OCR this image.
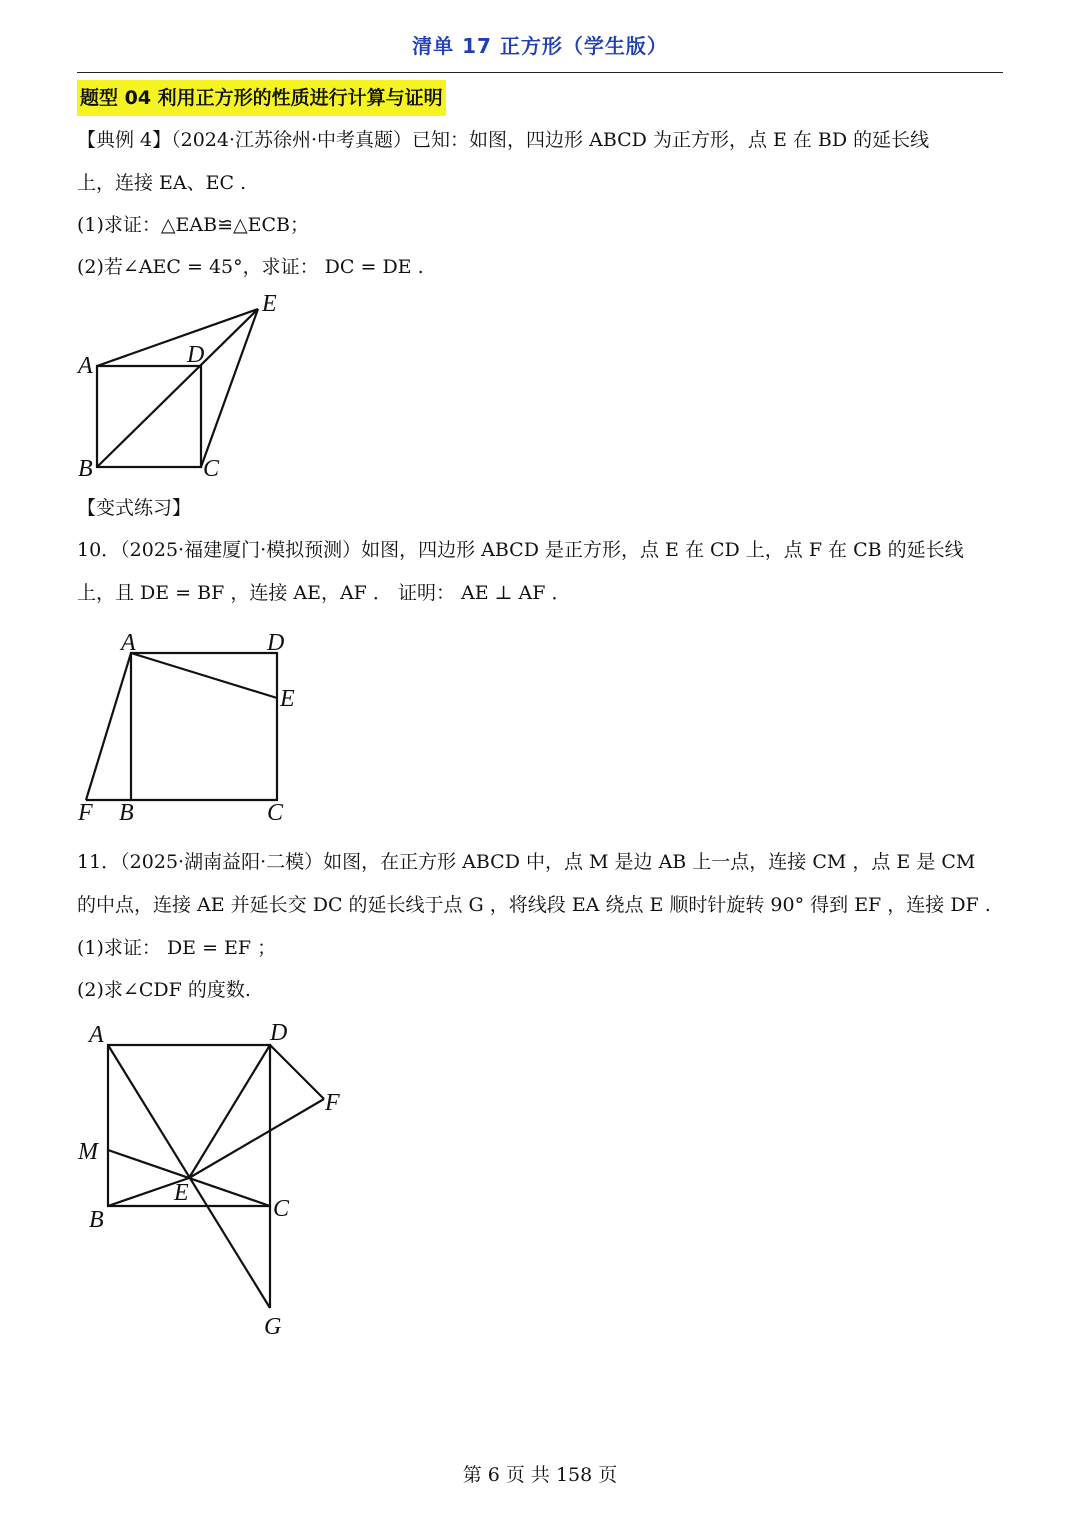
清单 17 正方形（学生版）
题型 04 利用正方形的性质进行计算与证明
【典例 4】（2024·江苏徐州·中考真题）已知：如图，四边形 ABCD 为正方形，点 E 在 BD 的延长线
上，连接 EA、EC .
(1)求证：△EAB≌△ECB；
(2)若∠AEC = 45°，求证： DC = DE .
A
B	C
D
E
【变式练习】
10．（2025·福建厦门·模拟预测）如图，四边形 ABCD 是正方形，点 E 在 CD 上，点 F 在 CB 的延长线
上，且 DE = BF ，连接 AE，AF ． 证明： AE ⊥ AF ．
A	D
E
F B	C
11．（2025·湖南益阳·二模）如图，在正方形 ABCD 中，点 M 是边 AB 上一点，连接 CM ，点 E 是 CM
的中点，连接 AE 并延长交 DC 的延长线于点 G ，将线段 EA 绕点 E 顺时针旋转 90° 得到 EF ，连接 DF .
(1)求证： DE = EF ；
(2)求∠CDF 的度数.
A	D
F
M
E
B	C
G
第 6 页 共 158 页
